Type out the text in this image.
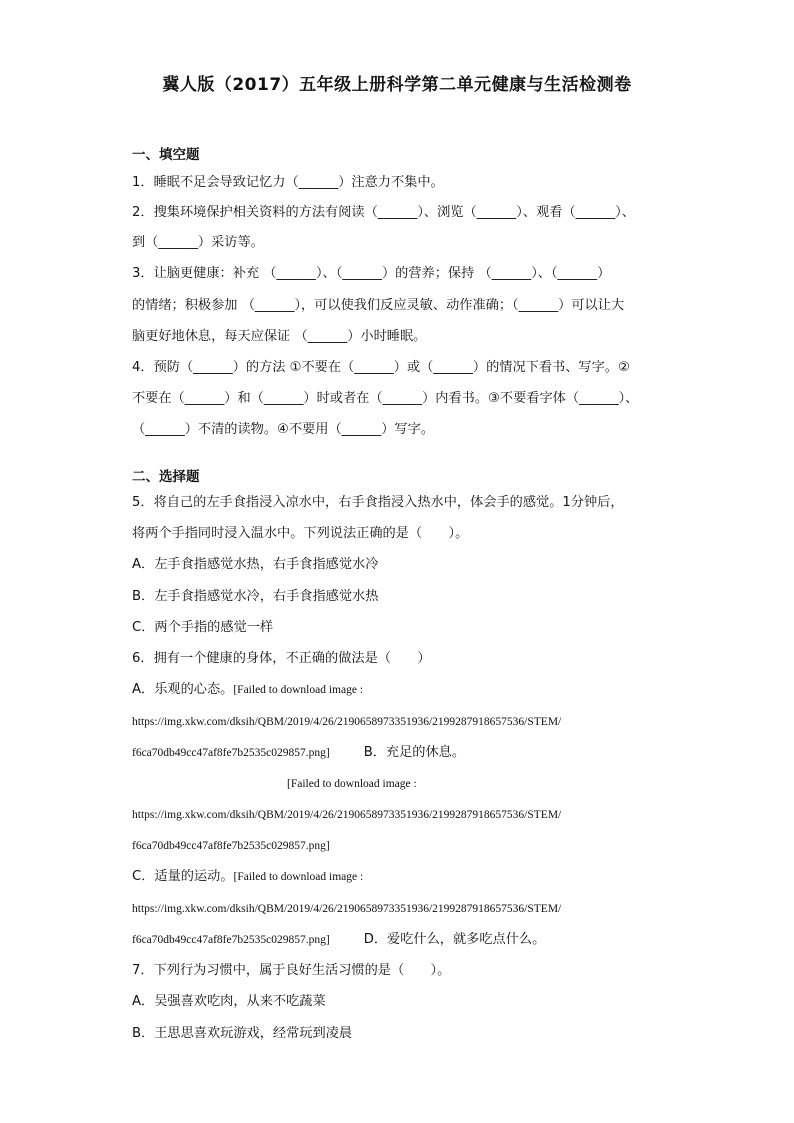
冀人版（2017）五年级上册科学第二单元健康与生活检测卷
一、填空题
1．睡眠不足会导致记忆力（______）注意力不集中。
2．搜集环境保护相关资料的方法有阅读（______）、浏览（______）、观看（______）、
到（______）采访等。
3．让脑更健康：补充 （______）、（______）的营养；保持 （______）、（______）
的情绪；积极参加 （______），可以使我们反应灵敏、动作准确；（______）可以让大
脑更好地休息，每天应保证 （______）小时睡眠。
4．预防（______）的方法 ①不要在（______）或（______）的情况下看书、写字。②
不要在（______）和（______）时或者在（______）内看书。③不要看字体（______）、
（______）不清的读物。④不要用（______）写字。
二、选择题
5．将自己的左手食指浸入凉水中，右手食指浸入热水中，体会手的感觉。1分钟后，
将两个手指同时浸入温水中。下列说法正确的是（　　）。
A．左手食指感觉水热，右手食指感觉水冷
B．左手食指感觉水冷，右手食指感觉水热
C．两个手指的感觉一样
6．拥有一个健康的身体，不正确的做法是（　　）
A．乐观的心态。[Failed to download image :
https://img.xkw.com/dksih/QBM/2019/4/26/2190658973351936/2199287918657536/STEM/
f6ca70db49cc47af8fe7b2535c029857.png]	B．充足的休息。
[Failed to download image :
https://img.xkw.com/dksih/QBM/2019/4/26/2190658973351936/2199287918657536/STEM/
f6ca70db49cc47af8fe7b2535c029857.png]
C．适量的运动。[Failed to download image :
https://img.xkw.com/dksih/QBM/2019/4/26/2190658973351936/2199287918657536/STEM/
f6ca70db49cc47af8fe7b2535c029857.png]	D．爱吃什么，就多吃点什么。
7．下列行为习惯中，属于良好生活习惯的是（　　）。
A．吴强喜欢吃肉，从来不吃蔬菜
B．王思思喜欢玩游戏，经常玩到凌晨
